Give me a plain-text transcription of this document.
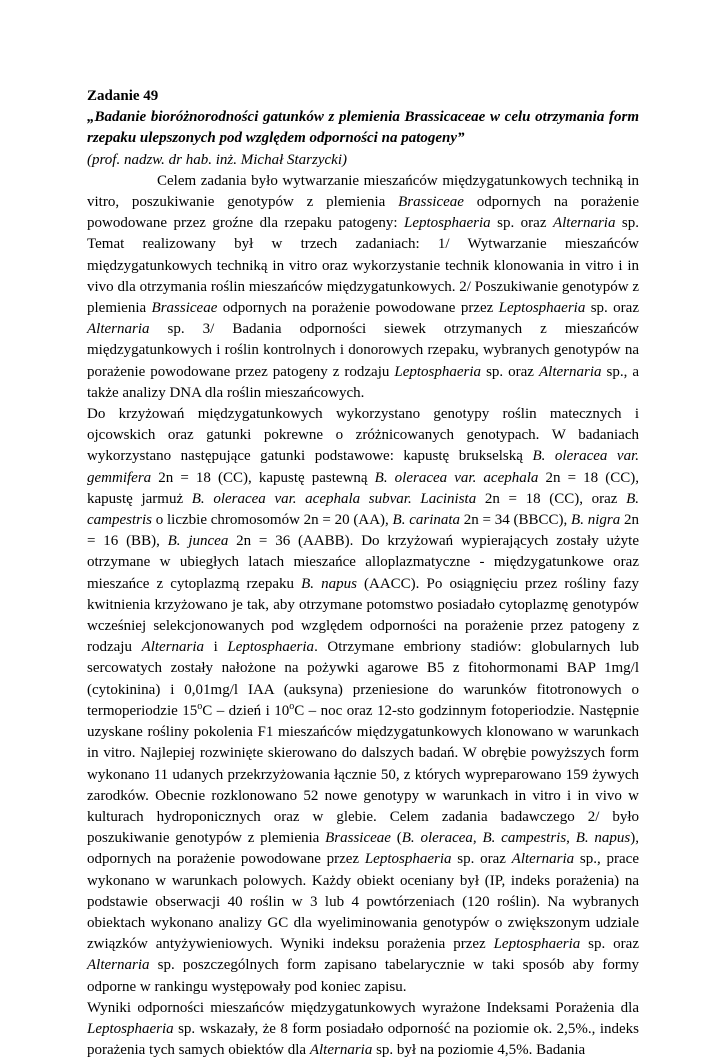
Zadanie 49
„Badanie bioróżnorodności gatunków z plemienia Brassicaceae w celu otrzymania form rzepaku ulepszonych pod względem odporności na patogeny”
(prof. nadzw. dr hab. inż. Michał Starzycki)

Celem zadania było wytwarzanie mieszańców międzygatunkowych techniką in vitro, poszukiwanie genotypów z plemienia Brassiceae odpornych na porażenie powodowane przez groźne dla rzepaku patogeny: Leptosphaeria sp. oraz Alternaria sp. Temat realizowany był w trzech zadaniach: 1/ Wytwarzanie mieszańców międzygatunkowych techniką in vitro oraz wykorzystanie technik klonowania in vitro i in vivo dla otrzymania roślin mieszańców międzygatunkowych. 2/ Poszukiwanie genotypów z plemienia Brassiceae odpornych na porażenie powodowane przez Leptosphaeria sp. oraz Alternaria sp. 3/ Badania odporności siewek otrzymanych z mieszańców międzygatunkowych i roślin kontrolnych i donorowych rzepaku, wybranych genotypów na porażenie powodowane przez patogeny z rodzaju Leptosphaeria sp. oraz Alternaria sp., a także analizy DNA dla roślin mieszańcowych.

Do krzyżowań międzygatunkowych wykorzystano genotypy roślin matecznych i ojcowskich oraz gatunki pokrewne o zróżnicowanych genotypach. W badaniach wykorzystano następujące gatunki podstawowe: kapustę brukselską B. oleracea var. gemmifera 2n = 18 (CC), kapustę pastewną B. oleracea var. acephala 2n = 18 (CC), kapustę jarmuż B. oleracea var. acephala subvar. Lacinista 2n = 18 (CC), oraz B. campestris o liczbie chromosomów 2n = 20 (AA), B. carinata 2n = 34 (BBCC), B. nigra 2n = 16 (BB), B. juncea 2n = 36 (AABB). Do krzyżowań wypierających zostały użyte otrzymane w ubiegłych latach mieszańce alloplazmatyczne - międzygatunkowe oraz mieszańce z cytoplazmą rzepaku B. napus (AACC). Po osiągnięciu przez rośliny fazy kwitnienia krzyżowano je tak, aby otrzymane potomstwo posiadało cytoplazmę genotypów wcześniej selekcjonowanych pod względem odporności na porażenie przez patogeny z rodzaju Alternaria i Leptosphaeria. Otrzymane embriony stadiów: globularnych lub sercowatych zostały nałożone na pożywki agarowe B5 z fitohormonami BAP 1mg/l (cytokinina) i 0,01mg/l IAA (auksyna) przeniesione do warunków fitotronowych o termoperiodzie 15$^o$C – dzień i 10$^o$C – noc oraz 12-sto godzinnym fotoperiodzie. Następnie uzyskane rośliny pokolenia F1 mieszańców międzygatunkowych klonowano w warunkach in vitro. Najlepiej rozwinięte skierowano do dalszych badań. W obrębie powyższych form wykonano 11 udanych przekrzyżowania łącznie 50, z których wypreparowano 159 żywych zarodków. Obecnie rozklonowano 52 nowe genotypy w warunkach in vitro i in vivo w kulturach hydroponicznych oraz w glebie. Celem zadania badawczego 2/ było poszukiwanie genotypów z plemienia Brassiceae (B. oleracea, B. campestris, B. napus), odpornych na porażenie powodowane przez Leptosphaeria sp. oraz Alternaria sp., prace wykonano w warunkach polowych. Każdy obiekt oceniany był (IP, indeks porażenia) na podstawie obserwacji 40 roślin w 3 lub 4 powtórzeniach (120 roślin). Na wybranych obiektach wykonano analizy GC dla wyeliminowania genotypów o zwiększonym udziale związków antyżywieniowych. Wyniki indeksu porażenia przez Leptosphaeria sp. oraz Alternaria sp. poszczególnych form zapisano tabelarycznie w taki sposób aby formy odporne w rankingu występowały pod koniec zapisu.

Wyniki odporności mieszańców międzygatunkowych wyrażone Indeksami Porażenia dla Leptosphaeria sp. wskazały, że 8 form posiadało odporność na poziomie ok. 2,5%., indeks porażenia tych samych obiektów dla Alternaria sp. był na poziomie 4,5%. Badania
